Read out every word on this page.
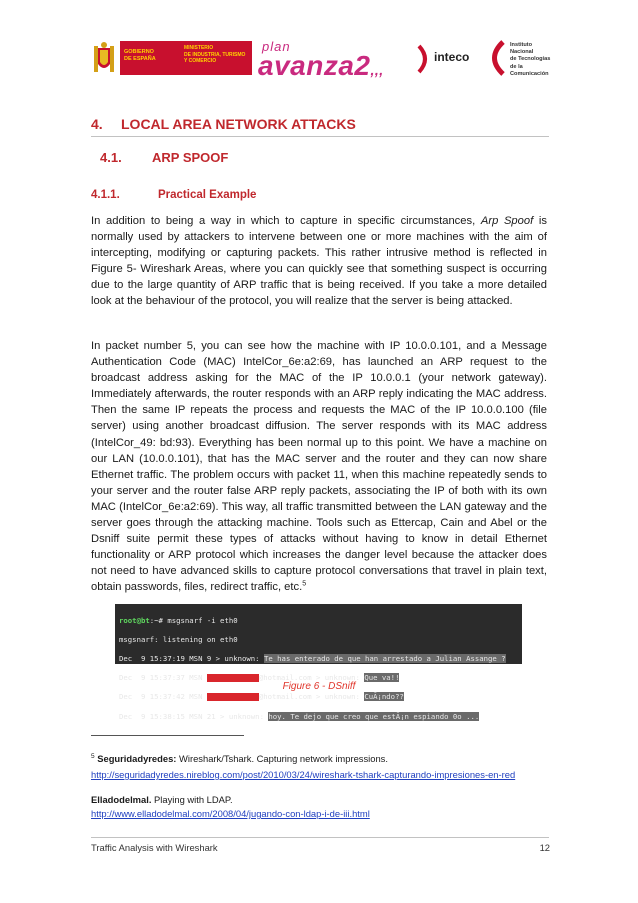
GOBIERNO
DE ESPAÑA
MINISTERIO
DE INDUSTRIA, TURISMO
Y COMERCIO
plan
avanza2,,,
inteco
Instituto Nacional
de Tecnologías
de la Comunicación
4. LOCAL AREA NETWORK ATTACKS
4.1. ARP SPOOF
4.1.1.	Practical Example

In addition to being a way in which to capture in specific circumstances, Arp Spoof is normally used by attackers to intervene between one or more machines with the aim of intercepting, modifying or capturing packets. This rather intrusive method is reflected in Figure 5- Wireshark Areas, where you can quickly see that something suspect is occurring due to the large quantity of ARP traffic that is being received. If you take a more detailed look at the behaviour of the protocol, you will realize that the server is being attacked.

In packet number 5, you can see how the machine with IP 10.0.0.101, and a Message Authentication Code (MAC) IntelCor_6e:a2:69, has launched an ARP request to the broadcast address asking for the MAC of the IP 10.0.0.1 (your network gateway). Immediately afterwards, the router responds with an ARP reply indicating the MAC address. Then the same IP repeats the process and requests the MAC of the IP 10.0.0.100 (file server) using another broadcast diffusion. The server responds with its MAC address (IntelCor_49: bd:93). Everything has been normal up to this point. We have a machine on our LAN (10.0.0.101), that has the MAC server and the router and they can now share Ethernet traffic. The problem occurs with packet 11, when this machine repeatedly sends to your server and the router false ARP reply packets, associating the IP of both with its own MAC (IntelCor_6e:a2:69). This way, all traffic transmitted between the LAN gateway and the server goes through the attacking machine. Tools such as Ettercap, Cain and Abel or the Dsniff suite permit these types of attacks without having to know in detail Ethernet functionality or ARP protocol which increases the danger level because the attacker does not need to have advanced skills to capture protocol conversations that travel in plain text, obtain passwords, files, redirect traffic, etc.$^5$

root@bt:~# msgsnarf -i eth0

msgsnarf: listening on eth0

Dec  9 15:37:19 MSN 9 > unknown: Te has enterado de que han arrestado a Julian Assange ?

Dec  9 15:37:37 MSN	@hotmail.com > unknown: Que va!!

Dec  9 15:37:42 MSN	@hotmail.com > unknown: CuÃ¡ndo??

Dec  9 15:38:15 MSN 21 > unknown: hoy. Te dejo que creo que estÃ¡n espiando 0o ...

Figure 6 - DSniff

$^5$ Seguridadyredes: Wireshark/Tshark. Capturing network impressions.

http://seguridadyredes.nireblog.com/post/2010/03/24/wireshark-tshark-capturando-impresiones-en-red

Elladodelmal. Playing with LDAP.

http://www.elladodelmal.com/2008/04/jugando-con-ldap-i-de-iii.html

Traffic Analysis with Wireshark	12
